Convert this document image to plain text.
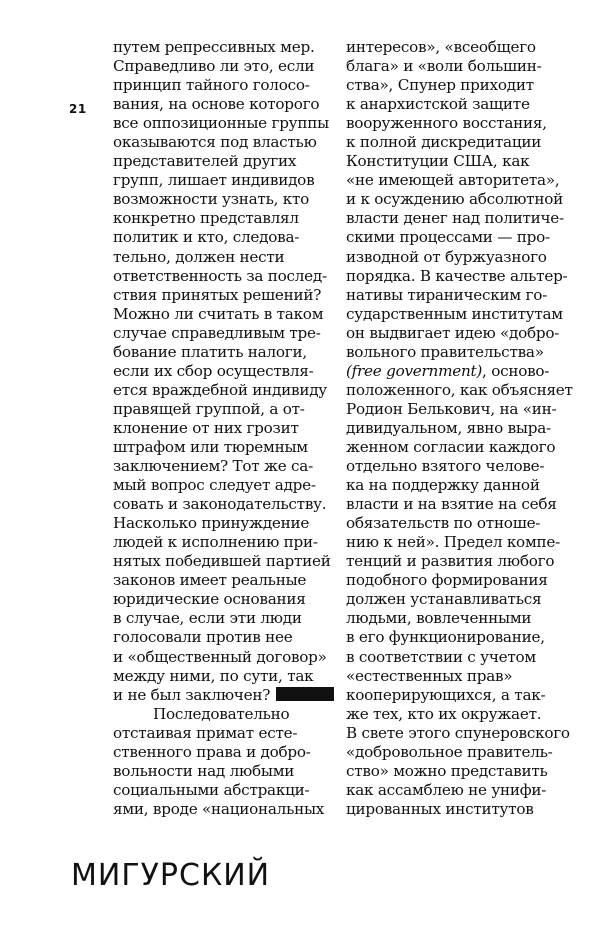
21
путем репрессивных мер.
Справедливо ли это, если
принцип тайного голосо-
вания, на основе которого
все оппозиционные группы
оказываются под властью
представителей других
групп, лишает индивидов
возможности узнать, кто
конкретно представлял
политик и кто, следова-
тельно, должен нести
ответственность за послед-
ствия принятых решений?
Можно ли считать в таком
случае справедливым тре-
бование платить налоги,
если их сбор осуществля-
ется враждебной индивиду
правящей группой, а от-
клонение от них грозит
штрафом или тюремным
заключением? Тот же са-
мый вопрос следует адре-
совать и законодательству.
Насколько принуждение
людей к исполнению при-
нятых победившей партией
законов имеет реальные
юридические основания
в случае, если эти люди
голосовали против нее
и «общественный договор»
между ними, по сути, так
и не был заключен?
Последовательно
отстаивая примат есте-
ственного права и добро-
вольности над любыми
социальными абстракци-
ями, вроде «национальных
интересов», «всеобщего
блага» и «воли большин-
ства», Спунер приходит
к анархистской защите
вооруженного восстания,
к полной дискредитации
Конституции США, как
«не имеющей авторитета»,
и к осуждению абсолютной
власти денег над политиче-
скими процессами — про-
изводной от буржуазного
порядка. В качестве альтер-
нативы тираническим го-
сударственным институтам
он выдвигает идею «добро-
вольного правительства»
(free government), осново-
положенного, как объясняет
Родион Белькович, на «ин-
дивидуальном, явно выра-
женном согласии каждого
отдельно взятого челове-
ка на поддержку данной
власти и на взятие на себя
обязательств по отноше-
нию к ней». Предел компе-
тенций и развития любого
подобного формирования
должен устанавливаться
людьми, вовлеченными
в его функционирование,
в соответствии с учетом
«естественных прав»
кооперирующихся, а так-
же тех, кто их окружает.
В свете этого спунеровского
«добровольное правитель-
ство» можно представить
как ассамблею не унифи-
цированных институтов
МИГУРСКИЙ
